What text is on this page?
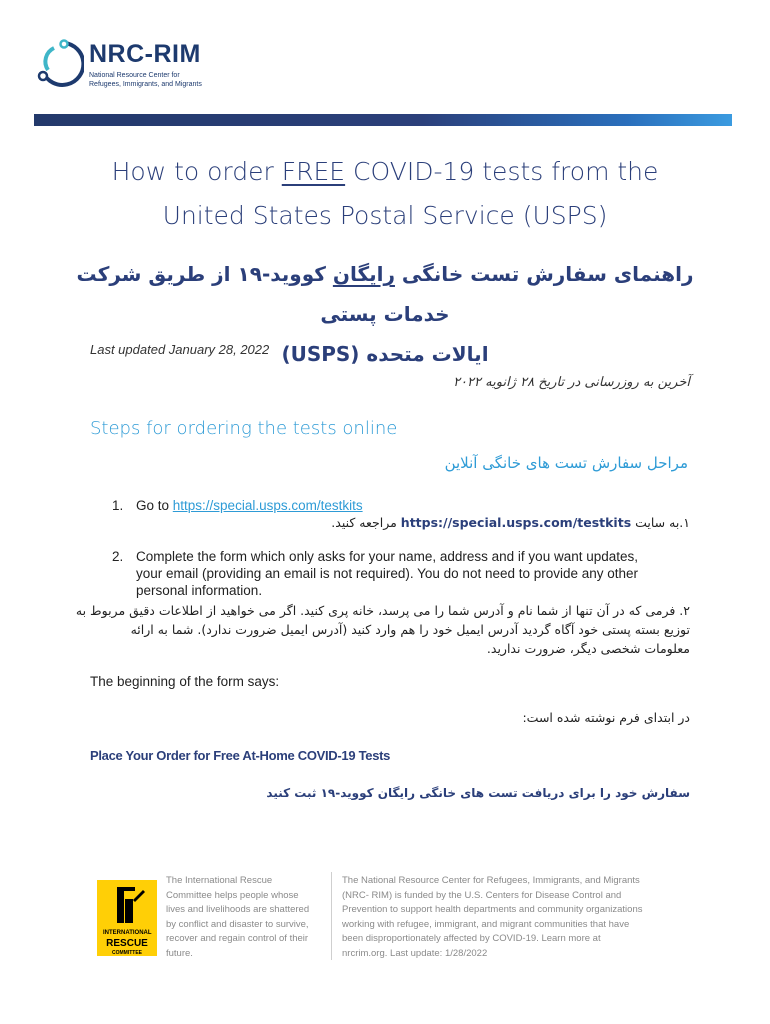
NRC-RIM
National Resource Center for
Refugees, Immigrants, and Migrants
How to order FREE COVID-19 tests from the
United States Postal Service (USPS)
راهنمای سفارش تست خانگی رایگان کووید-۱۹ از طریق شرکت خدمات پستی
ایالات متحده (USPS)
Last updated January 28, 2022
آخرین به روزرسانی در تاریخ ۲۸ ژانویه ۲۰۲۲
Steps for ordering the tests online
مراحل سفارش تست های خانگی آنلاین
1. Go to https://special.usps.com/testkits
۱.به سایت https://special.usps.com/testkits مراجعه کنید.
2. Complete the form which only asks for your name, address and if you want updates,
your email (providing an email is not required). You do not need to provide any other
personal information.
۲. فرمی که در آن تنها از شما نام و آدرس شما را می پرسد، خانه پری کنید. اگر می خواهید از اطلاعات دقیق مربوط به
توزیع بسته پستی خود آگاه گردید آدرس ایمیل خود را هم وارد کنید (آدرس ایمیل ضرورت ندارد). شما به ارائه
معلومات شخصی دیگر، ضرورت ندارید.
The beginning of the form says:
در ابتدای فرم نوشته شده است:
Place Your Order for Free At-Home COVID-19 Tests
سفارش خود را برای دریافت تست های خانگی رایگان کووید-۱۹ ثبت کنید
INTERNATIONAL
RESCUE
COMMITTEE
The International Rescue
Committee helps people whose
lives and livelihoods are shattered
by conflict and disaster to survive,
recover and regain control of their
future.
The National Resource Center for Refugees, Immigrants, and Migrants
(NRC- RIM) is funded by the U.S. Centers for Disease Control and
Prevention to support health departments and community organizations
working with refugee, immigrant, and migrant communities that have
been disproportionately affected by COVID-19. Learn more at
nrcrim.org. Last update: 1/28/2022
